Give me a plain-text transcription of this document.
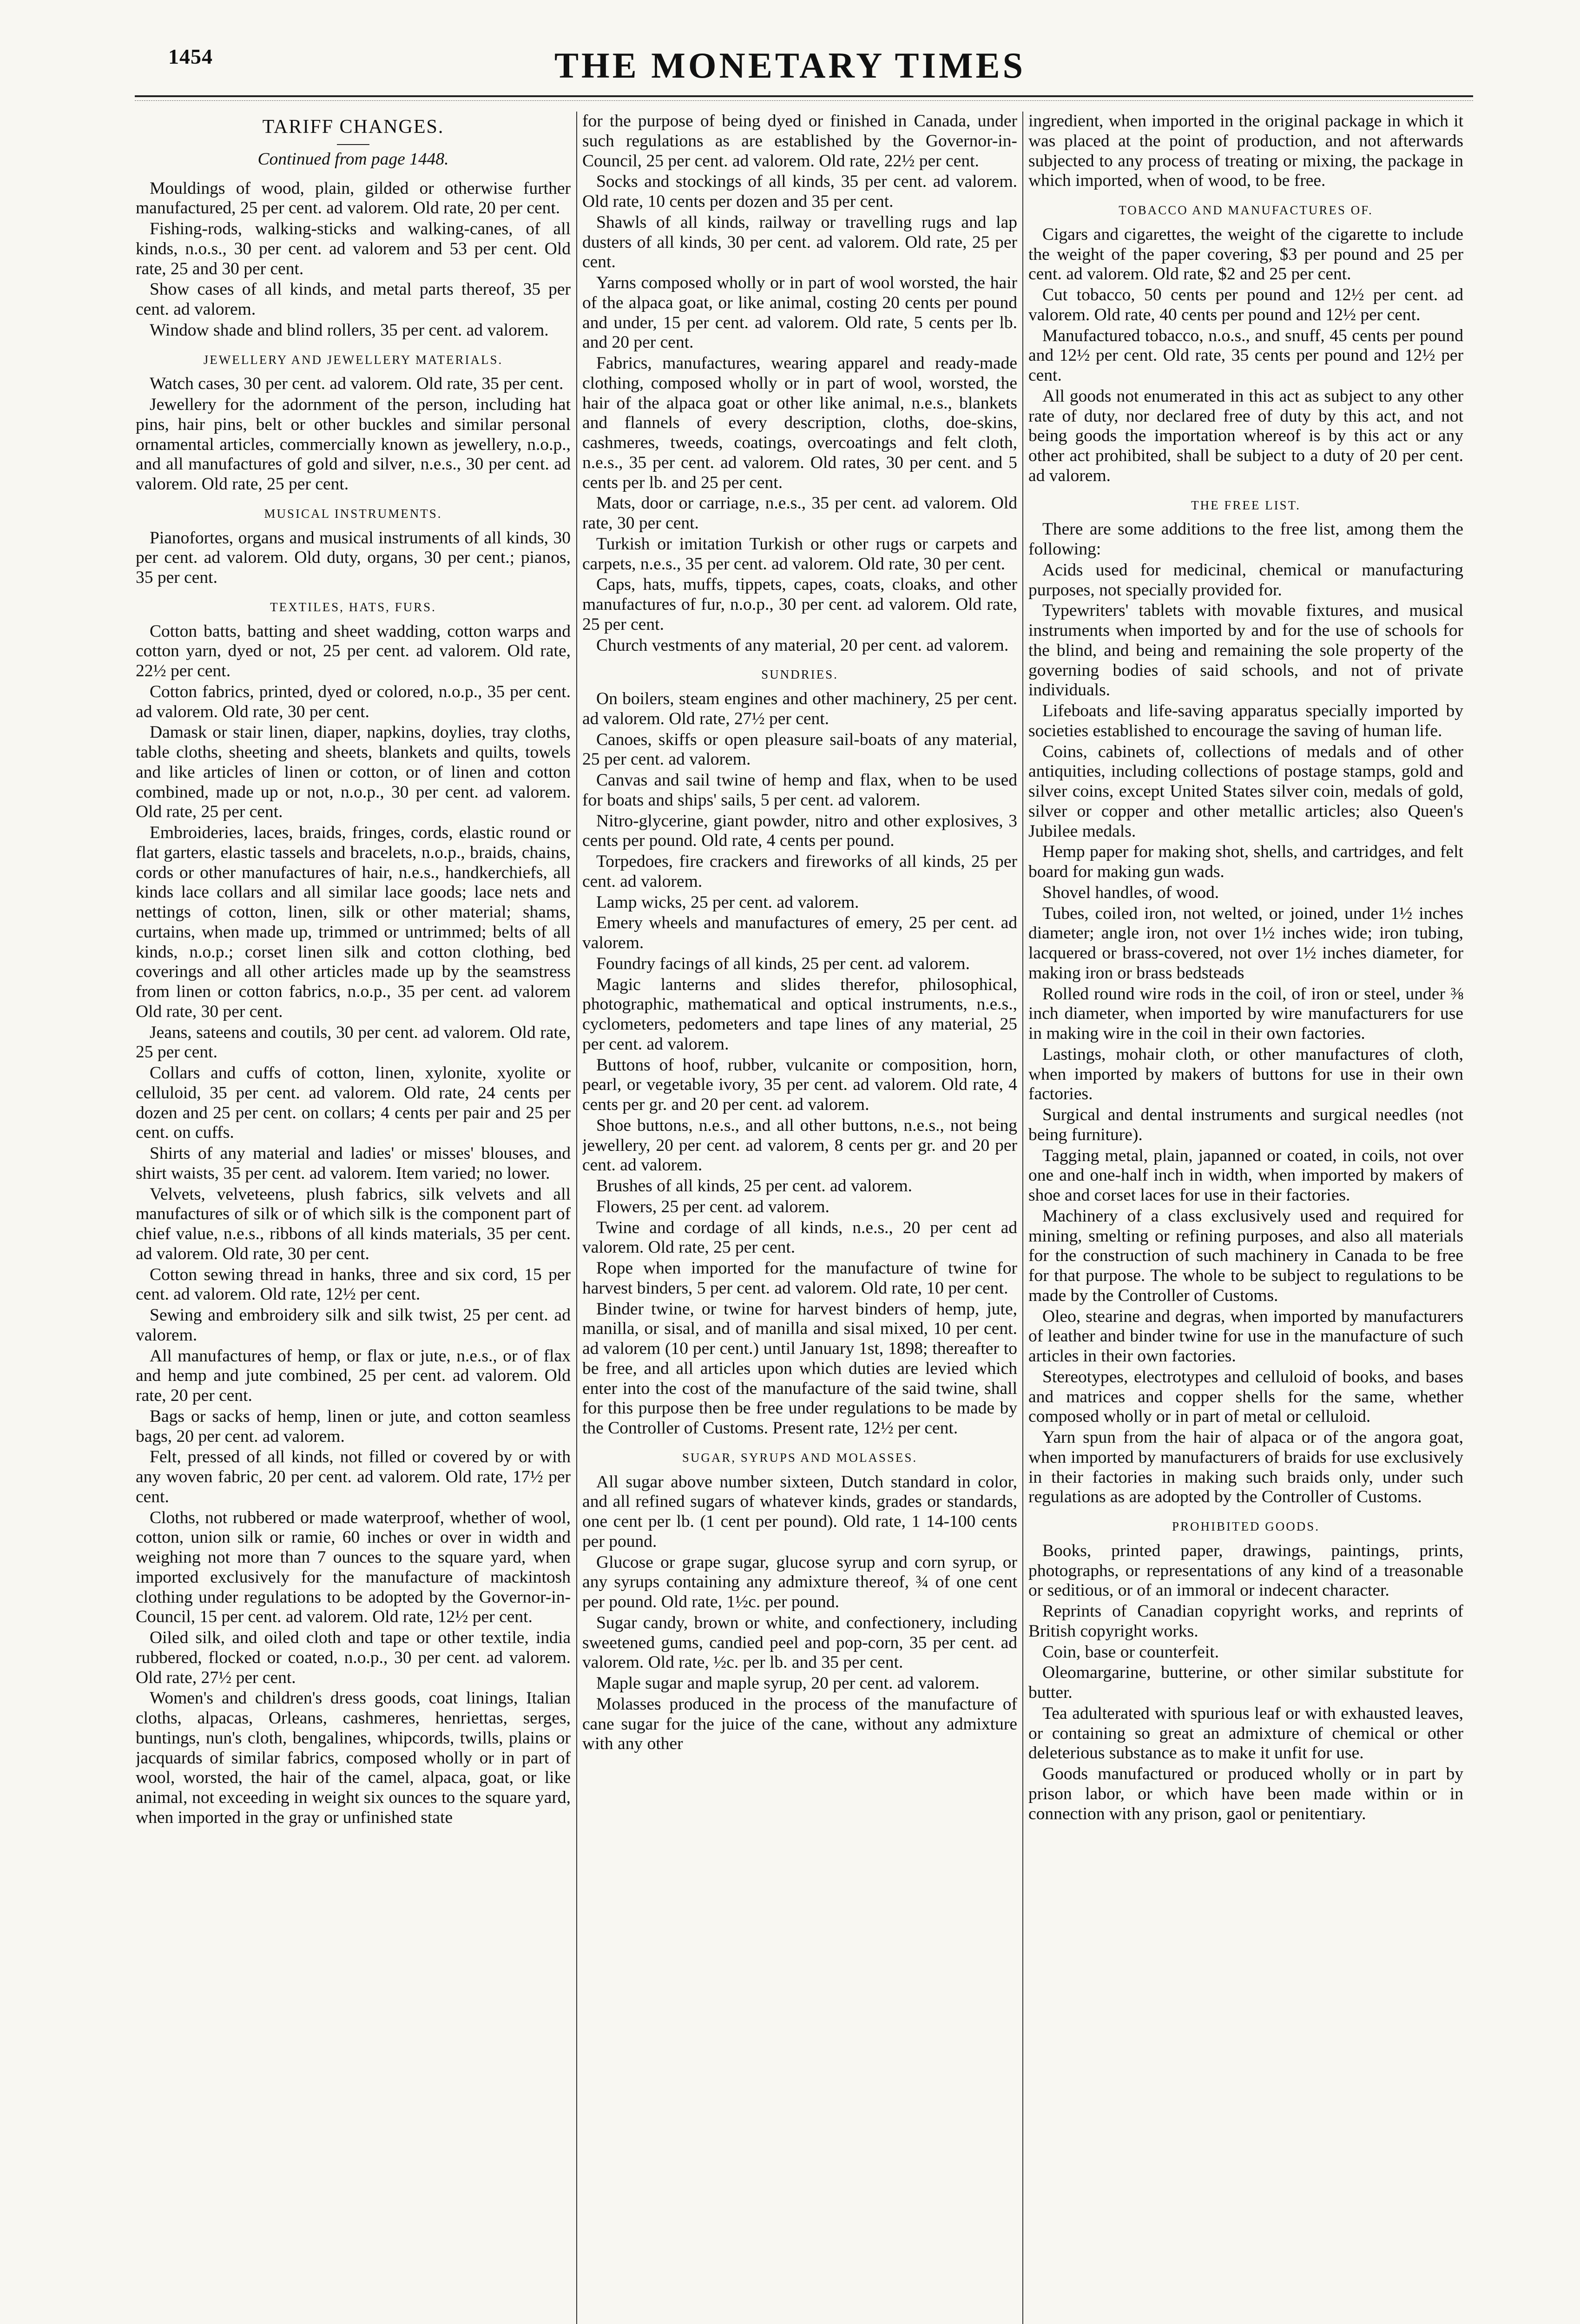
1454	THE MONETARY TIMES
TARIFF CHANGES.

Continued from page 1448.

Mouldings of wood, plain, gilded or otherwise further manufactured, 25 per cent. ad valorem. Old rate, 20 per cent.

Fishing-rods, walking-sticks and walking-canes, of all kinds, n.o.s., 30 per cent. ad valorem and 53 per cent. Old rate, 25 and 30 per cent.

Show cases of all kinds, and metal parts thereof, 35 per cent. ad valorem.

Window shade and blind rollers, 35 per cent. ad valorem.

JEWELLERY AND JEWELLERY MATERIALS.

Watch cases, 30 per cent. ad valorem. Old rate, 35 per cent.

Jewellery for the adornment of the person, including hat pins, hair pins, belt or other buckles and similar personal ornamental articles, commercially known as jewellery, n.o.p., and all manufactures of gold and silver, n.e.s., 30 per cent. ad valorem. Old rate, 25 per cent.

MUSICAL INSTRUMENTS.

Pianofortes, organs and musical instruments of all kinds, 30 per cent. ad valorem. Old duty, organs, 30 per cent.; pianos, 35 per cent.

TEXTILES, HATS, FURS.

Cotton batts, batting and sheet wadding, cotton warps and cotton yarn, dyed or not, 25 per cent. ad valorem. Old rate, 22½ per cent.

Cotton fabrics, printed, dyed or colored, n.o.p., 35 per cent. ad valorem. Old rate, 30 per cent.

Damask or stair linen, diaper, napkins, doylies, tray cloths, table cloths, sheeting and sheets, blankets and quilts, towels and like articles of linen or cotton, or of linen and cotton combined, made up or not, n.o.p., 30 per cent. ad valorem. Old rate, 25 per cent.

Embroideries, laces, braids, fringes, cords, elastic round or flat garters, elastic tassels and bracelets, n.o.p., braids, chains, cords or other manufactures of hair, n.e.s., handkerchiefs, all kinds lace collars and all similar lace goods; lace nets and nettings of cotton, linen, silk or other material; shams, curtains, when made up, trimmed or untrimmed; belts of all kinds, n.o.p.; corset linen silk and cotton clothing, bed coverings and all other articles made up by the seamstress from linen or cotton fabrics, n.o.p., 35 per cent. ad valorem Old rate, 30 per cent.

Jeans, sateens and coutils, 30 per cent. ad valorem. Old rate, 25 per cent.

Collars and cuffs of cotton, linen, xylonite, xyolite or celluloid, 35 per cent. ad valorem. Old rate, 24 cents per dozen and 25 per cent. on collars; 4 cents per pair and 25 per cent. on cuffs.

Shirts of any material and ladies' or misses' blouses, and shirt waists, 35 per cent. ad valorem. Item varied; no lower.

Velvets, velveteens, plush fabrics, silk velvets and all manufactures of silk or of which silk is the component part of chief value, n.e.s., ribbons of all kinds materials, 35 per cent. ad valorem. Old rate, 30 per cent.

Cotton sewing thread in hanks, three and six cord, 15 per cent. ad valorem. Old rate, 12½ per cent.

Sewing and embroidery silk and silk twist, 25 per cent. ad valorem.

All manufactures of hemp, or flax or jute, n.e.s., or of flax and hemp and jute combined, 25 per cent. ad valorem. Old rate, 20 per cent.

Bags or sacks of hemp, linen or jute, and cotton seamless bags, 20 per cent. ad valorem.

Felt, pressed of all kinds, not filled or covered by or with any woven fabric, 20 per cent. ad valorem. Old rate, 17½ per cent.

Cloths, not rubbered or made waterproof, whether of wool, cotton, union silk or ramie, 60 inches or over in width and weighing not more than 7 ounces to the square yard, when imported exclusively for the manufacture of mackintosh clothing under regulations to be adopted by the Governor-in-Council, 15 per cent. ad valorem. Old rate, 12½ per cent.

Oiled silk, and oiled cloth and tape or other textile, india rubbered, flocked or coated, n.o.p., 30 per cent. ad valorem. Old rate, 27½ per cent.

Women's and children's dress goods, coat linings, Italian cloths, alpacas, Orleans, cashmeres, henriettas, serges, buntings, nun's cloth, bengalines, whipcords, twills, plains or jacquards of similar fabrics, composed wholly or in part of wool, worsted, the hair of the camel, alpaca, goat, or like animal, not exceeding in weight six ounces to the square yard, when imported in the gray or unfinished state

for the purpose of being dyed or finished in Canada, under such regulations as are established by the Governor-in-Council, 25 per cent. ad valorem. Old rate, 22½ per cent.

Socks and stockings of all kinds, 35 per cent. ad valorem. Old rate, 10 cents per dozen and 35 per cent.

Shawls of all kinds, railway or travelling rugs and lap dusters of all kinds, 30 per cent. ad valorem. Old rate, 25 per cent.

Yarns composed wholly or in part of wool worsted, the hair of the alpaca goat, or like animal, costing 20 cents per pound and under, 15 per cent. ad valorem. Old rate, 5 cents per lb. and 20 per cent.

Fabrics, manufactures, wearing apparel and ready-made clothing, composed wholly or in part of wool, worsted, the hair of the alpaca goat or other like animal, n.e.s., blankets and flannels of every description, cloths, doe-skins, cashmeres, tweeds, coatings, overcoatings and felt cloth, n.e.s., 35 per cent. ad valorem. Old rates, 30 per cent. and 5 cents per lb. and 25 per cent.

Mats, door or carriage, n.e.s., 35 per cent. ad valorem. Old rate, 30 per cent.

Turkish or imitation Turkish or other rugs or carpets and carpets, n.e.s., 35 per cent. ad valorem. Old rate, 30 per cent.

Caps, hats, muffs, tippets, capes, coats, cloaks, and other manufactures of fur, n.o.p., 30 per cent. ad valorem. Old rate, 25 per cent.

Church vestments of any material, 20 per cent. ad valorem.

SUNDRIES.

On boilers, steam engines and other machinery, 25 per cent. ad valorem. Old rate, 27½ per cent.

Canoes, skiffs or open pleasure sail-boats of any material, 25 per cent. ad valorem.

Canvas and sail twine of hemp and flax, when to be used for boats and ships' sails, 5 per cent. ad valorem.

Nitro-glycerine, giant powder, nitro and other explosives, 3 cents per pound. Old rate, 4 cents per pound.

Torpedoes, fire crackers and fireworks of all kinds, 25 per cent. ad valorem.

Lamp wicks, 25 per cent. ad valorem.

Emery wheels and manufactures of emery, 25 per cent. ad valorem.

Foundry facings of all kinds, 25 per cent. ad valorem.

Magic lanterns and slides therefor, philosophical, photographic, mathematical and optical instruments, n.e.s., cyclometers, pedometers and tape lines of any material, 25 per cent. ad valorem.

Buttons of hoof, rubber, vulcanite or composition, horn, pearl, or vegetable ivory, 35 per cent. ad valorem. Old rate, 4 cents per gr. and 20 per cent. ad valorem.

Shoe buttons, n.e.s., and all other buttons, n.e.s., not being jewellery, 20 per cent. ad valorem, 8 cents per gr. and 20 per cent. ad valorem.

Brushes of all kinds, 25 per cent. ad valorem.

Flowers, 25 per cent. ad valorem.

Twine and cordage of all kinds, n.e.s., 20 per cent ad valorem. Old rate, 25 per cent.

Rope when imported for the manufacture of twine for harvest binders, 5 per cent. ad valorem. Old rate, 10 per cent.

Binder twine, or twine for harvest binders of hemp, jute, manilla, or sisal, and of manilla and sisal mixed, 10 per cent. ad valorem (10 per cent.) until January 1st, 1898; thereafter to be free, and all articles upon which duties are levied which enter into the cost of the manufacture of the said twine, shall for this purpose then be free under regulations to be made by the Controller of Customs. Present rate, 12½ per cent.

SUGAR, SYRUPS AND MOLASSES.

All sugar above number sixteen, Dutch standard in color, and all refined sugars of whatever kinds, grades or standards, one cent per lb. (1 cent per pound). Old rate, 1 14-100 cents per pound.

Glucose or grape sugar, glucose syrup and corn syrup, or any syrups containing any admixture thereof, ¾ of one cent per pound. Old rate, 1½c. per pound.

Sugar candy, brown or white, and confectionery, including sweetened gums, candied peel and pop-corn, 35 per cent. ad valorem. Old rate, ½c. per lb. and 35 per cent.

Maple sugar and maple syrup, 20 per cent. ad valorem.

Molasses produced in the process of the manufacture of cane sugar for the juice of the cane, without any admixture with any other

ingredient, when imported in the original package in which it was placed at the point of production, and not afterwards subjected to any process of treating or mixing, the package in which imported, when of wood, to be free.

TOBACCO AND MANUFACTURES OF.

Cigars and cigarettes, the weight of the cigarette to include the weight of the paper covering, $3 per pound and 25 per cent. ad valorem. Old rate, $2 and 25 per cent.

Cut tobacco, 50 cents per pound and 12½ per cent. ad valorem. Old rate, 40 cents per pound and 12½ per cent.

Manufactured tobacco, n.o.s., and snuff, 45 cents per pound and 12½ per cent. Old rate, 35 cents per pound and 12½ per cent.

All goods not enumerated in this act as subject to any other rate of duty, nor declared free of duty by this act, and not being goods the importation whereof is by this act or any other act prohibited, shall be subject to a duty of 20 per cent. ad valorem.

THE FREE LIST.

There are some additions to the free list, among them the following:

Acids used for medicinal, chemical or manufacturing purposes, not specially provided for.

Typewriters' tablets with movable fixtures, and musical instruments when imported by and for the use of schools for the blind, and being and remaining the sole property of the governing bodies of said schools, and not of private individuals.

Lifeboats and life-saving apparatus specially imported by societies established to encourage the saving of human life.

Coins, cabinets of, collections of medals and of other antiquities, including collections of postage stamps, gold and silver coins, except United States silver coin, medals of gold, silver or copper and other metallic articles; also Queen's Jubilee medals.

Hemp paper for making shot, shells, and cartridges, and felt board for making gun wads.

Shovel handles, of wood.

Tubes, coiled iron, not welted, or joined, under 1½ inches diameter; angle iron, not over 1½ inches wide; iron tubing, lacquered or brass-covered, not over 1½ inches diameter, for making iron or brass bedsteads

Rolled round wire rods in the coil, of iron or steel, under ⅜ inch diameter, when imported by wire manufacturers for use in making wire in the coil in their own factories.

Lastings, mohair cloth, or other manufactures of cloth, when imported by makers of buttons for use in their own factories.

Surgical and dental instruments and surgical needles (not being furniture).

Tagging metal, plain, japanned or coated, in coils, not over one and one-half inch in width, when imported by makers of shoe and corset laces for use in their factories.

Machinery of a class exclusively used and required for mining, smelting or refining purposes, and also all materials for the construction of such machinery in Canada to be free for that purpose. The whole to be subject to regulations to be made by the Controller of Customs.

Oleo, stearine and degras, when imported by manufacturers of leather and binder twine for use in the manufacture of such articles in their own factories.

Stereotypes, electrotypes and celluloid of books, and bases and matrices and copper shells for the same, whether composed wholly or in part of metal or celluloid.

Yarn spun from the hair of alpaca or of the angora goat, when imported by manufacturers of braids for use exclusively in their factories in making such braids only, under such regulations as are adopted by the Controller of Customs.

PROHIBITED GOODS.

Books, printed paper, drawings, paintings, prints, photographs, or representations of any kind of a treasonable or seditious, or of an immoral or indecent character.

Reprints of Canadian copyright works, and reprints of British copyright works.

Coin, base or counterfeit.

Oleomargarine, butterine, or other similar substitute for butter.

Tea adulterated with spurious leaf or with exhausted leaves, or containing so great an admixture of chemical or other deleterious substance as to make it unfit for use.

Goods manufactured or produced wholly or in part by prison labor, or which have been made within or in connection with any prison, gaol or penitentiary.
